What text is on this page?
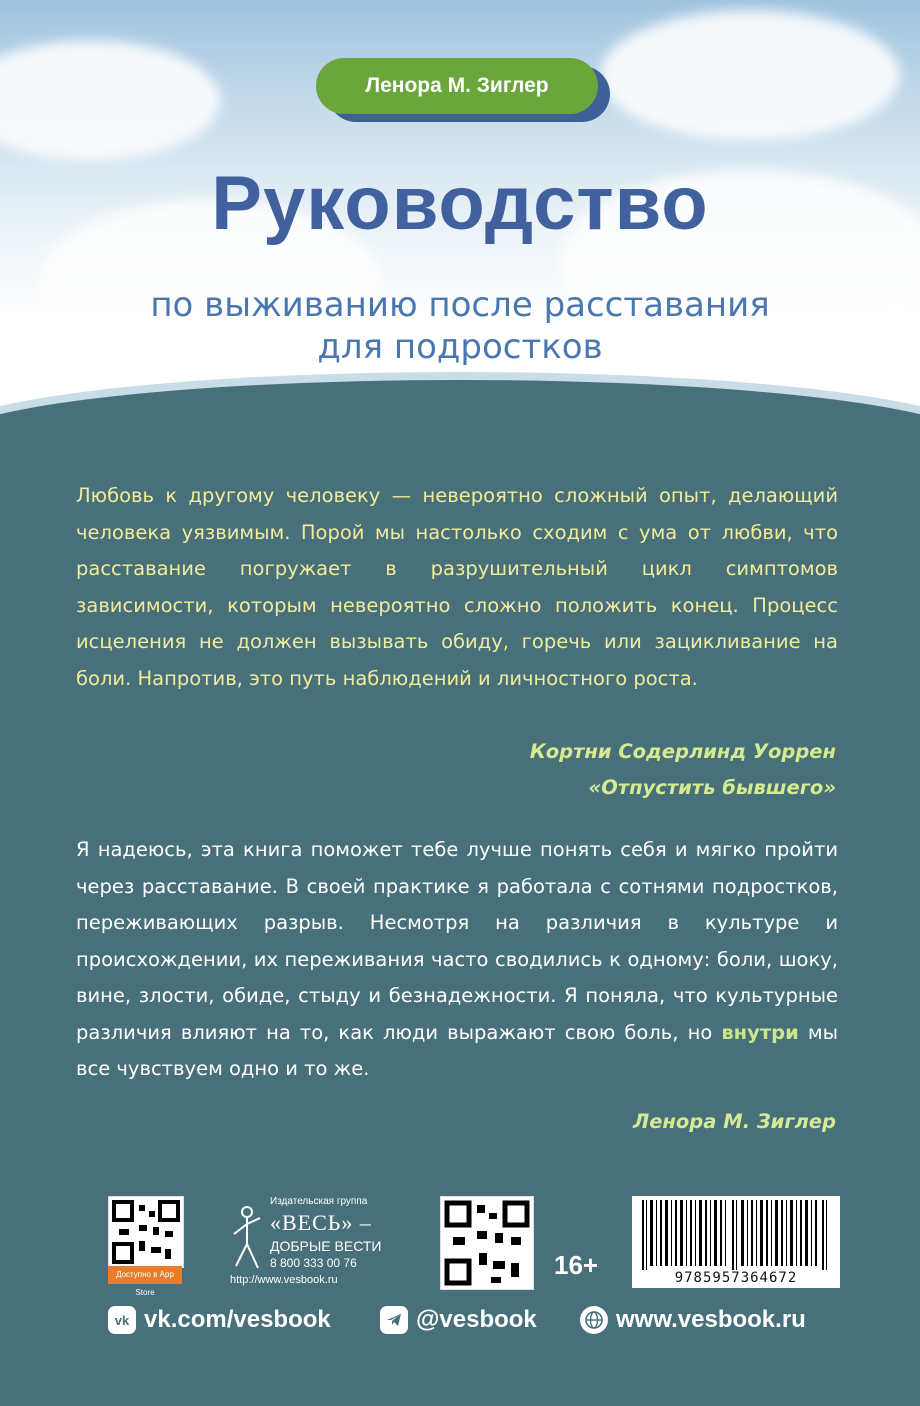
Ленора М. Зиглер
Руководство
по выживанию после расставания
для подростков
Любовь к другому человеку — невероятно сложный опыт, делающий человека уязвимым. Порой мы настолько сходим с ума от любви, что расставание погружает в разрушительный цикл симптомов зависимости, которым невероятно сложно положить конец. Процесс исцеления не должен вызывать обиду, горечь или зацикливание на боли. Напротив, это путь наблюдений и личностного роста.
Кортни Содерлинд Уоррен
«Отпустить бывшего»
Я надеюсь, эта книга поможет тебе лучше понять себя и мягко пройти через расставание. В своей практике я работала с сотнями подростков, переживающих разрыв. Несмотря на различия в культуре и происхождении, их переживания часто сводились к одному: боли, шоку, вине, злости, обиде, стыду и безнадежности. Я поняла, что культурные различия влияют на то, как люди выражают свою боль, но внутри мы все чувствуем одно и то же.
Ленора М. Зиглер
Доступно в App Store
Издательская группа
«ВЕСЬ» –
ДОБРЫЕ ВЕСТИ
8 800 333 00 76
http://www.vesbook.ru	16+	9785957364672
vk vk.com/vesbook	@vesbook	www.vesbook.ru
